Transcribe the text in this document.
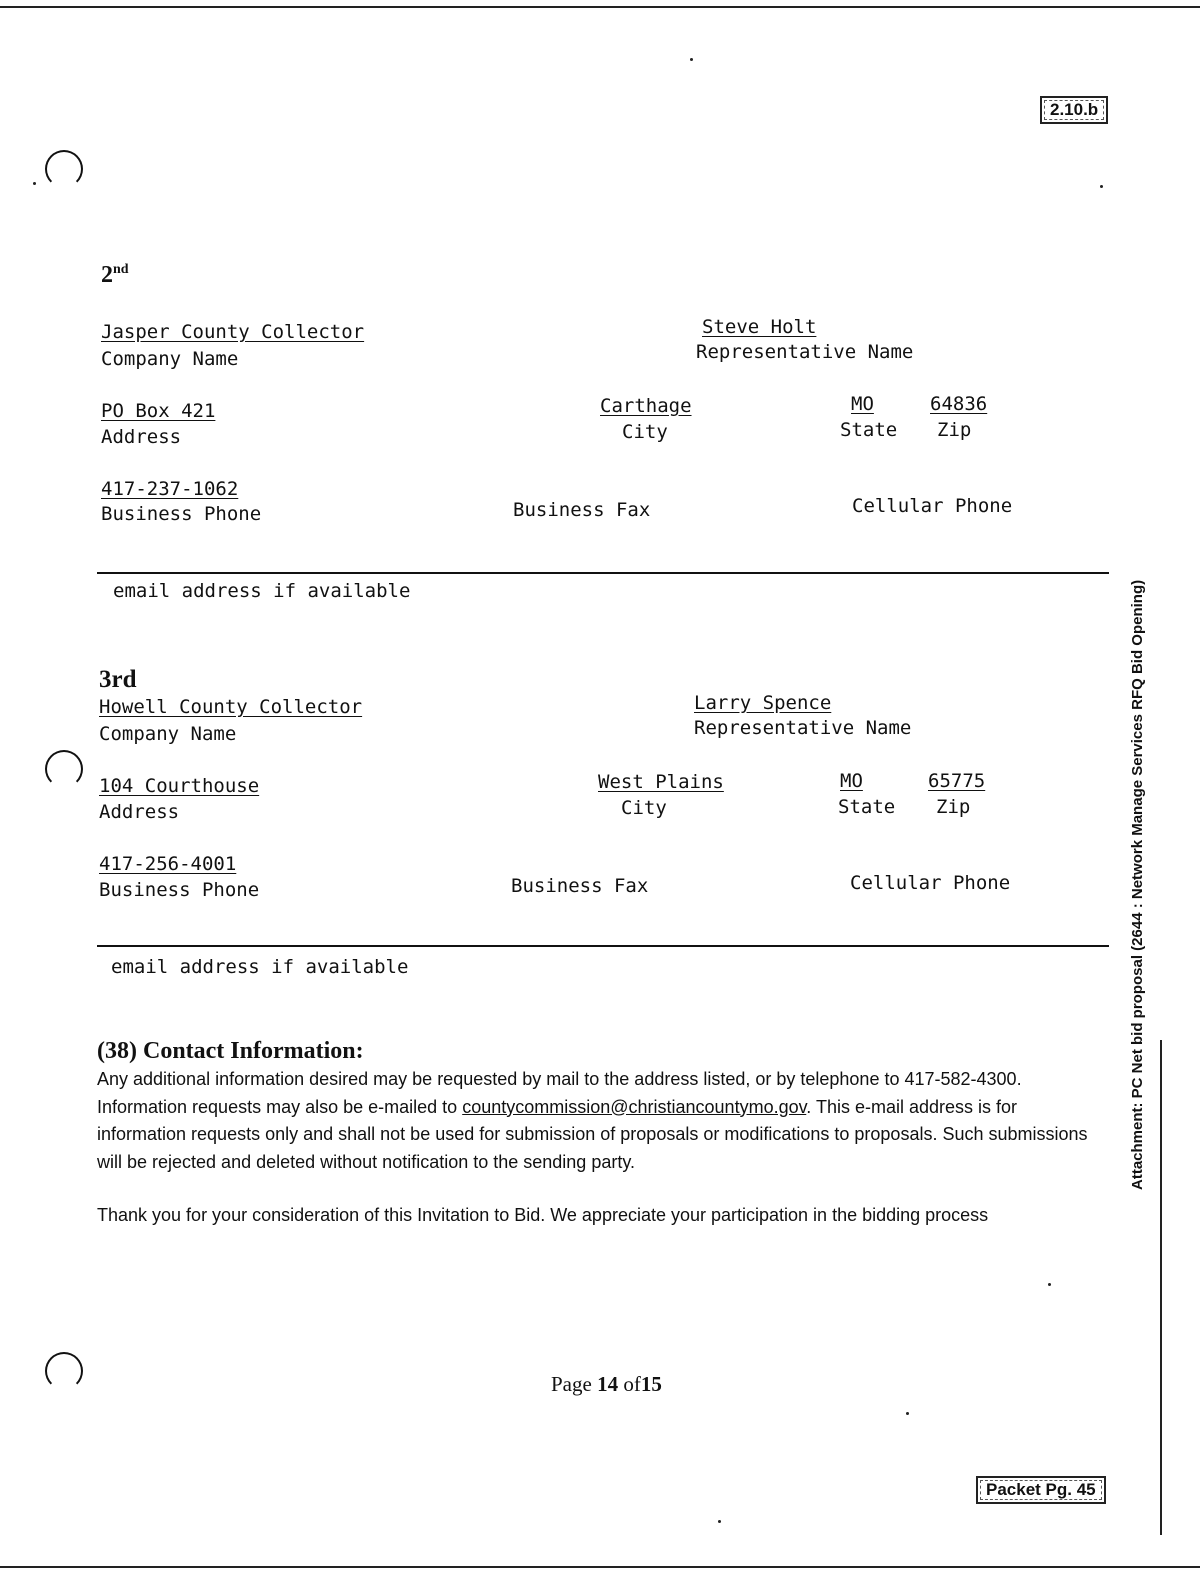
2.10.b
Attachment: PC Net bid proposal (2644 : Network Manage Services RFQ Bid Opening)
2nd
Jasper County Collector
Company Name
Steve Holt
Representative Name
PO Box 421
Address
Carthage
City
MO
State
64836
Zip
417-237-1062
Business Phone	Business Fax	Cellular Phone
email address if available
3rd
Howell County Collector
Company Name
Larry Spence
Representative Name
104 Courthouse
Address
West Plains
City
MO
State
65775
Zip
417-256-4001
Business Phone	Business Fax	Cellular Phone
email address if available
(38) Contact Information:
Any additional information desired may be requested by mail to the address listed, or by telephone to 417-582-4300. Information requests may also be e-mailed to countycommission@christiancountymo.gov. This e-mail address is for information requests only and shall not be used for submission of proposals or modifications to proposals. Such submissions will be rejected and deleted without notification to the sending party.
Thank you for your consideration of this Invitation to Bid. We appreciate your participation in the bidding process
Page 14 of15
Packet Pg. 45
